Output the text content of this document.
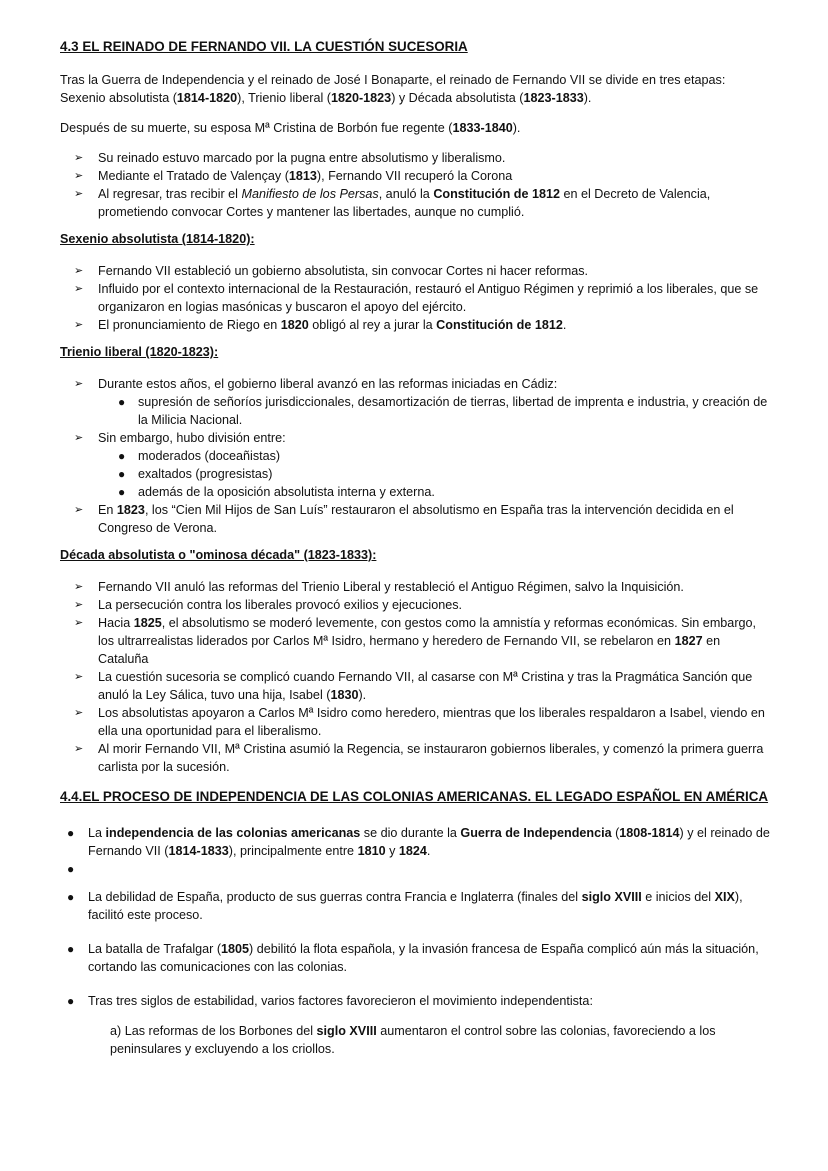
4.3 EL REINADO DE FERNANDO VII. LA CUESTIÓN SUCESORIA

Tras la Guerra de Independencia y el reinado de José I Bonaparte, el reinado de Fernando VII se divide en tres etapas: Sexenio absolutista (1814-1820), Trienio liberal (1820-1823) y Década absolutista (1823-1833).

Después de su muerte, su esposa Mª Cristina de Borbón fue regente (1833-1840).

➢ Su reinado estuvo marcado por la pugna entre absolutismo y liberalismo.
➢ Mediante el Tratado de Valençay (1813), Fernando VII recuperó la Corona
➢ Al regresar, tras recibir el Manifiesto de los Persas, anuló la Constitución de 1812 en el Decreto de Valencia, prometiendo convocar Cortes y mantener las libertades, aunque no cumplió.

Sexenio absolutista (1814-1820):

➢ Fernando VII estableció un gobierno absolutista, sin convocar Cortes ni hacer reformas.
➢ Influido por el contexto internacional de la Restauración, restauró el Antiguo Régimen y reprimió a los liberales, que se organizaron en logias masónicas y buscaron el apoyo del ejército.
➢ El pronunciamiento de Riego en 1820 obligó al rey a jurar la Constitución de 1812.

Trienio liberal (1820-1823):

➢ Durante estos años, el gobierno liberal avanzó en las reformas iniciadas en Cádiz:
● supresión de señoríos jurisdiccionales, desamortización de tierras, libertad de imprenta e industria, y creación de la Milicia Nacional.
➢ Sin embargo, hubo división entre:
● moderados (doceañistas)
● exaltados (progresistas)
● además de la oposición absolutista interna y externa.
➢ En 1823, los “Cien Mil Hijos de San Luís” restauraron el absolutismo en España tras la intervención decidida en el Congreso de Verona.

Década absolutista o "ominosa década" (1823-1833):

➢ Fernando VII anuló las reformas del Trienio Liberal y restableció el Antiguo Régimen, salvo la Inquisición.
➢ La persecución contra los liberales provocó exilios y ejecuciones.
➢ Hacia 1825, el absolutismo se moderó levemente, con gestos como la amnistía y reformas económicas. Sin embargo, los ultrarrealistas liderados por Carlos Mª Isidro, hermano y heredero de Fernando VII, se rebelaron en 1827 en Cataluña
➢ La cuestión sucesoria se complicó cuando Fernando VII, al casarse con Mª Cristina y tras la Pragmática Sanción que anuló la Ley Sálica, tuvo una hija, Isabel (1830).
➢ Los absolutistas apoyaron a Carlos Mª Isidro como heredero, mientras que los liberales respaldaron a Isabel, viendo en ella una oportunidad para el liberalismo.
➢ Al morir Fernando VII, Mª Cristina asumió la Regencia, se instauraron gobiernos liberales, y comenzó la primera guerra carlista por la sucesión.

4.4.EL PROCESO DE INDEPENDENCIA DE LAS COLONIAS AMERICANAS. EL LEGADO ESPAÑOL EN AMÉRICA

● La independencia de las colonias americanas se dio durante la Guerra de Independencia (1808-1814) y el reinado de Fernando VII (1814-1833), principalmente entre 1810 y 1824.
●

● La debilidad de España, producto de sus guerras contra Francia e Inglaterra (finales del siglo XVIII e inicios del XIX), facilitó este proceso.
● La batalla de Trafalgar (1805) debilitó la flota española, y la invasión francesa de España complicó aún más la situación, cortando las comunicaciones con las colonias.
● Tras tres siglos de estabilidad, varios factores favorecieron el movimiento independentista:

a) Las reformas de los Borbones del siglo XVIII aumentaron el control sobre las colonias, favoreciendo a los peninsulares y excluyendo a los criollos.
